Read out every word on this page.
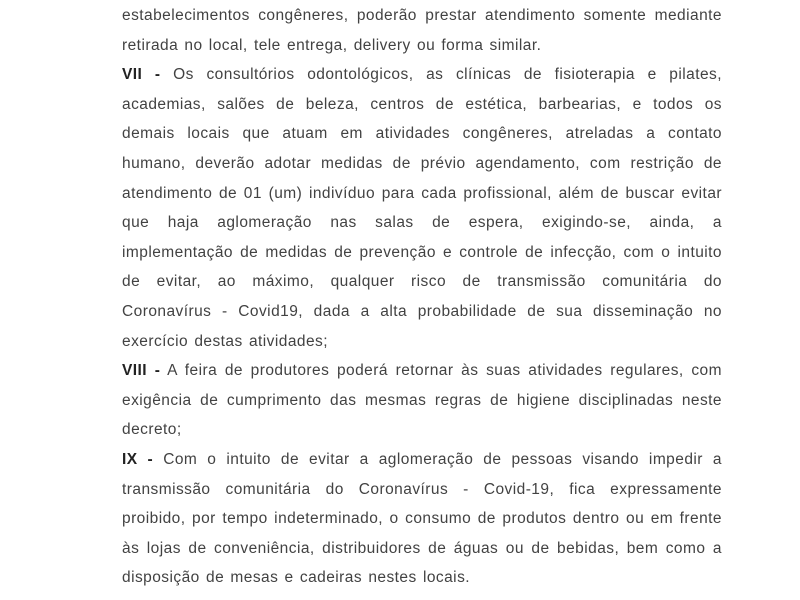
estabelecimentos congêneres, poderão prestar atendimento somente mediante retirada no local, tele entrega, delivery ou forma similar.

VII - Os consultórios odontológicos, as clínicas de fisioterapia e pilates, academias, salões de beleza, centros de estética, barbearias, e todos os demais locais que atuam em atividades congêneres, atreladas a contato humano, deverão adotar medidas de prévio agendamento, com restrição de atendimento de 01 (um) indivíduo para cada profissional, além de buscar evitar que haja aglomeração nas salas de espera, exigindo-se, ainda, a implementação de medidas de prevenção e controle de infecção, com o intuito de evitar, ao máximo, qualquer risco de transmissão comunitária do Coronavírus - Covid19, dada a alta probabilidade de sua disseminação no exercício destas atividades;

VIII - A feira de produtores poderá retornar às suas atividades regulares, com exigência de cumprimento das mesmas regras de higiene disciplinadas neste decreto;

IX - Com o intuito de evitar a aglomeração de pessoas visando impedir a transmissão comunitária do Coronavírus - Covid-19, fica expressamente proibido, por tempo indeterminado, o consumo de produtos dentro ou em frente às lojas de conveniência, distribuidores de águas ou de bebidas, bem como a disposição de mesas e cadeiras nestes locais.
